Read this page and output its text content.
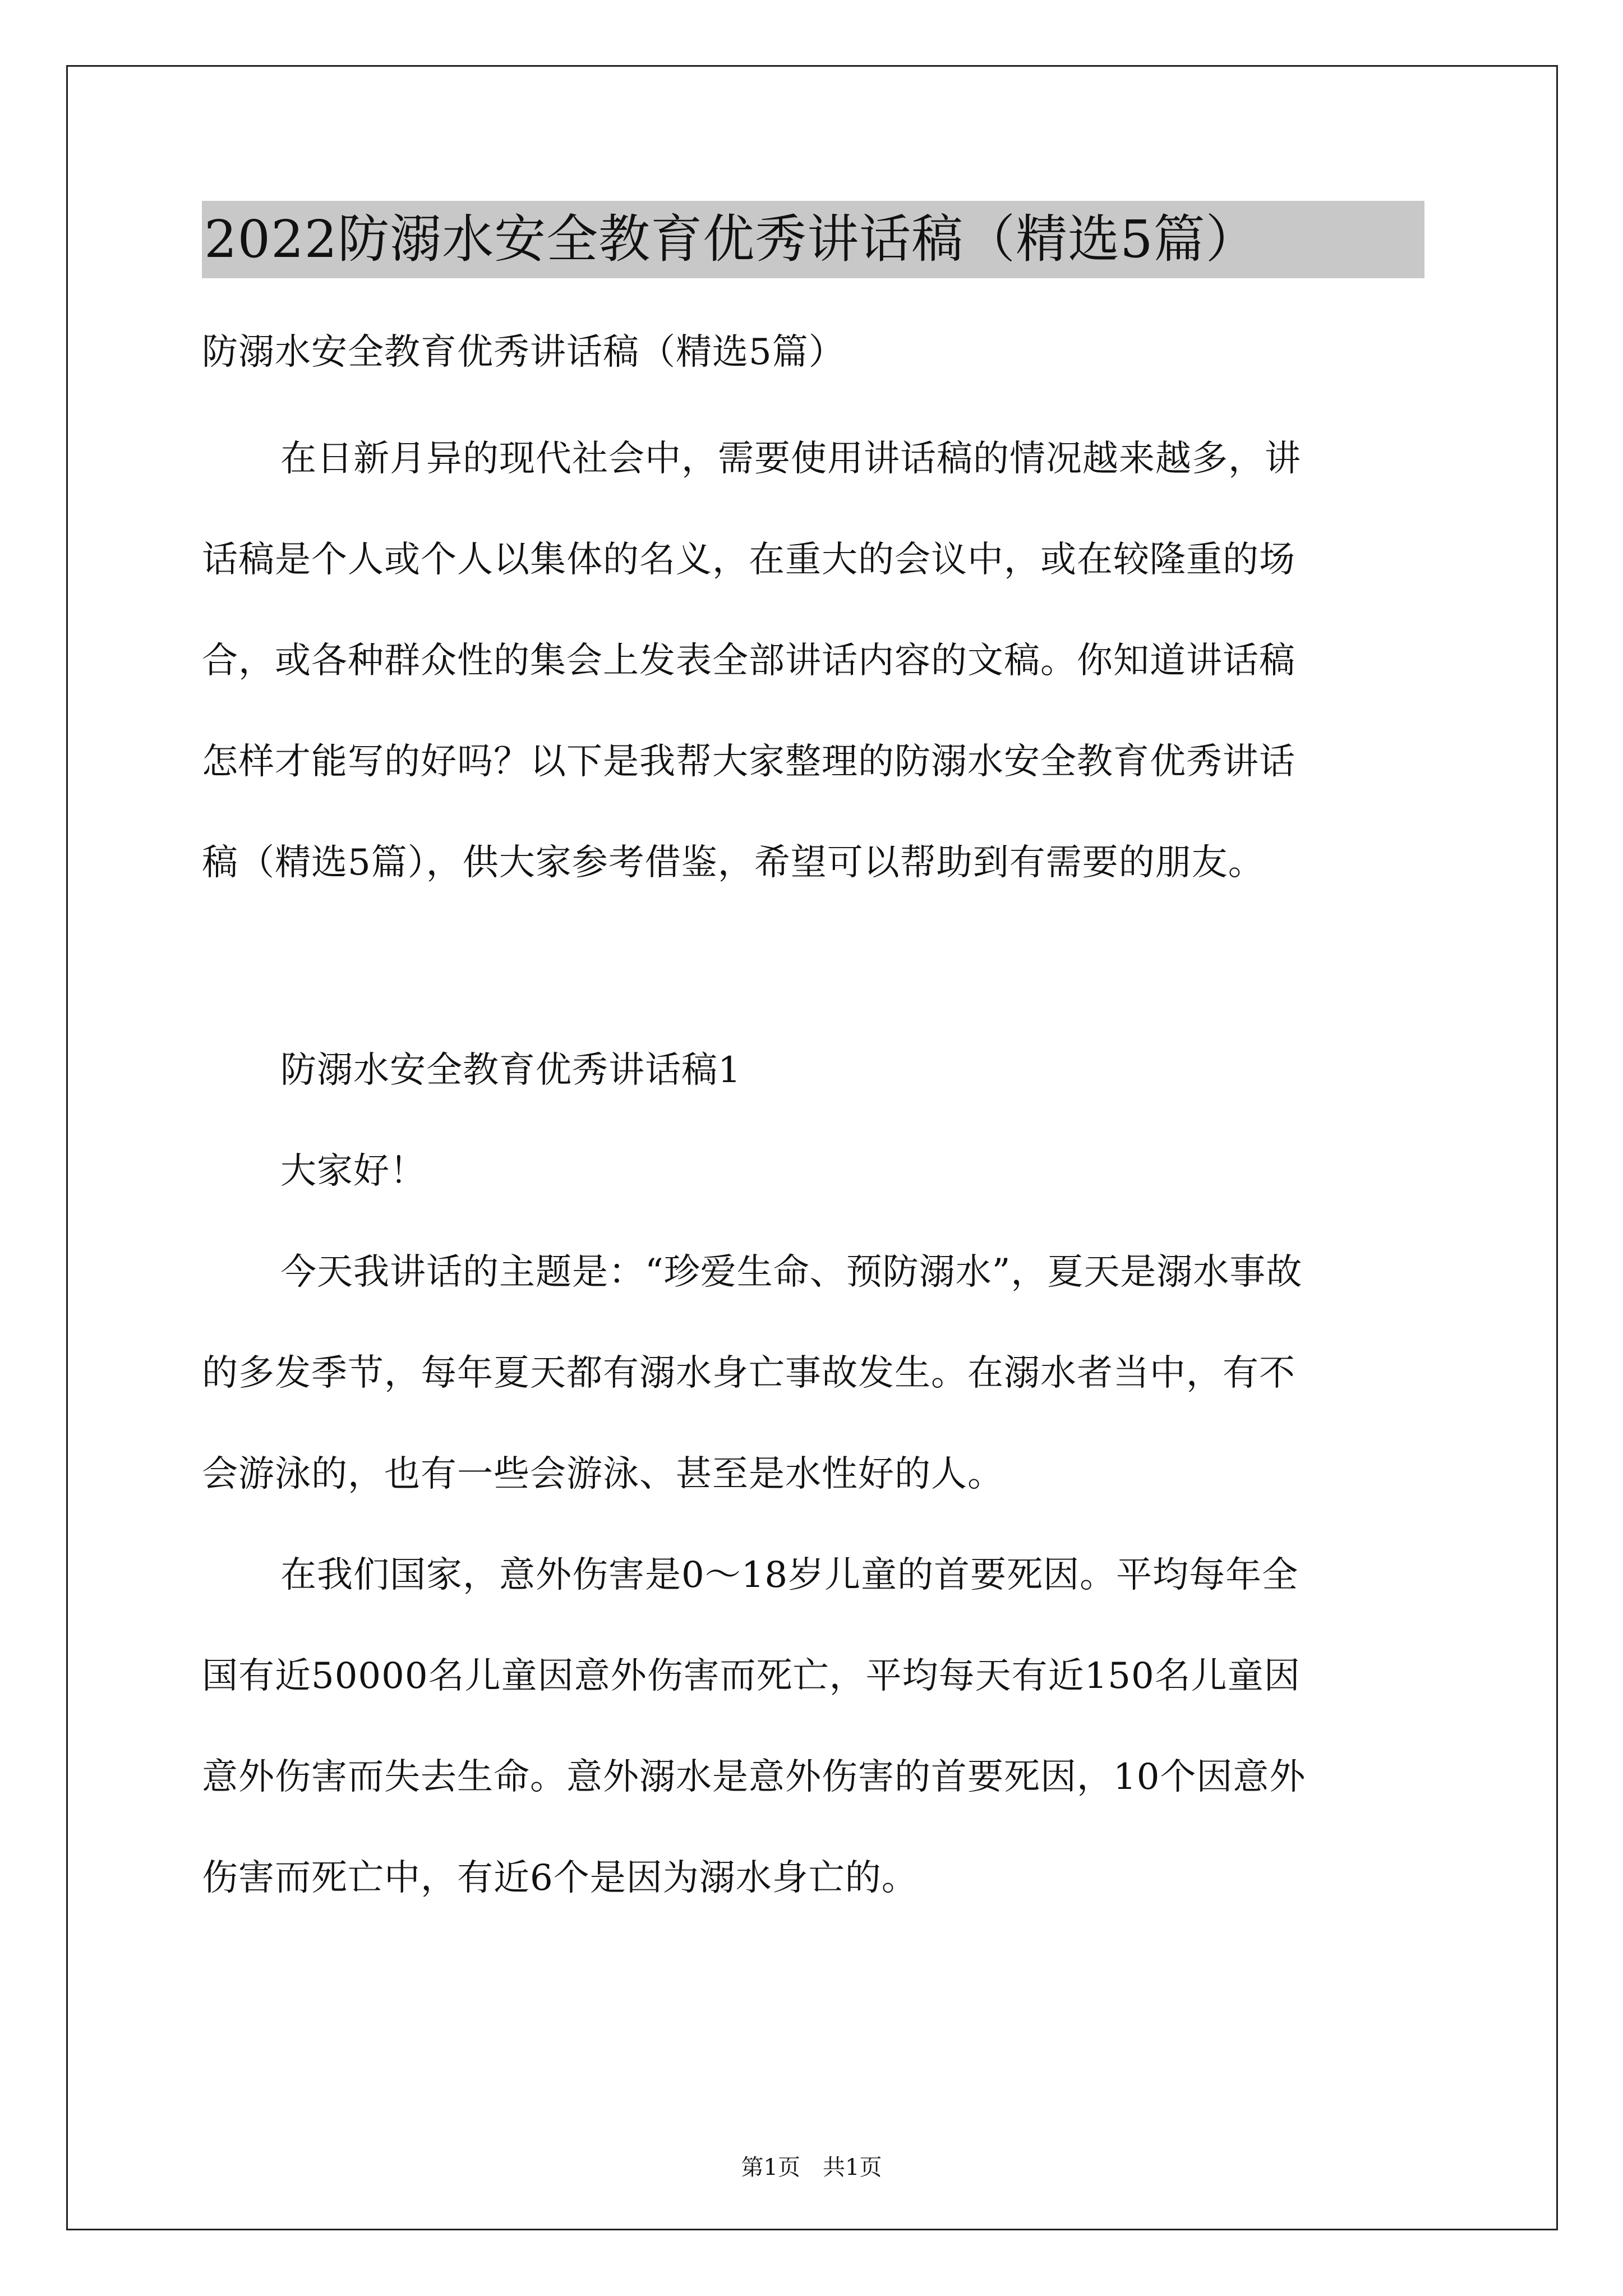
2022防溺水安全教育优秀讲话稿（精选5篇）
防溺水安全教育优秀讲话稿（精选5篇）
在日新月异的现代社会中，需要使用讲话稿的情况越来越多，讲
话稿是个人或个人以集体的名义，在重大的会议中，或在较隆重的场
合，或各种群众性的集会上发表全部讲话内容的文稿。你知道讲话稿
怎样才能写的好吗？以下是我帮大家整理的防溺水安全教育优秀讲话
稿（精选5篇），供大家参考借鉴，希望可以帮助到有需要的朋友。
防溺水安全教育优秀讲话稿1
大家好！
今天我讲话的主题是：“珍爱生命、预防溺水”，夏天是溺水事故
的多发季节，每年夏天都有溺水身亡事故发生。在溺水者当中，有不
会游泳的，也有一些会游泳、甚至是水性好的人。
在我们国家，意外伤害是0～18岁儿童的首要死因。平均每年全
国有近50000名儿童因意外伤害而死亡，平均每天有近150名儿童因
意外伤害而失去生命。意外溺水是意外伤害的首要死因，10个因意外
伤害而死亡中，有近6个是因为溺水身亡的。
第1页 共1页
